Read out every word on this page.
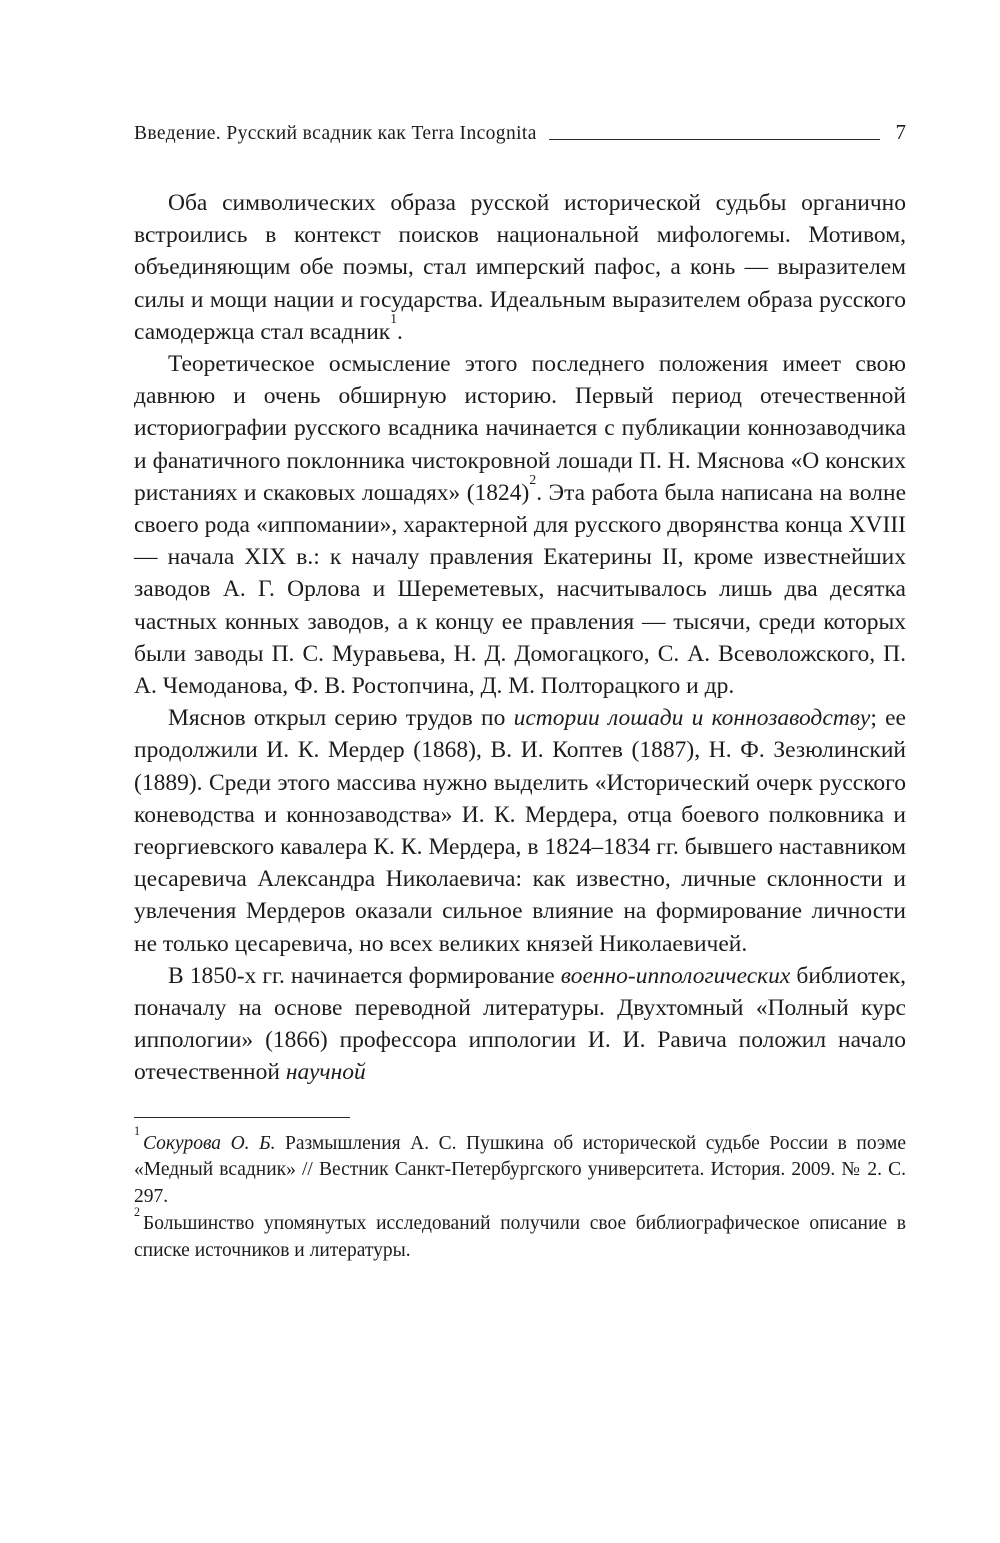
Введение. Русский всадник как Terra Incognita	7

Оба символических образа русской исторической судьбы органично встроились в контекст поисков национальной мифологемы. Мотивом, объединяющим обе поэмы, стал имперский пафос, а конь — выразителем силы и мощи нации и государства. Идеальным выразителем образа русского самодержца стал всадник$^1$.

Теоретическое осмысление этого последнего положения имеет свою давнюю и очень обширную историю. Первый период отечественной историографии русского всадника начинается с публикации коннозаводчика и фанатичного поклонника чистокровной лошади П. Н. Мяснова «О конских ристаниях и скаковых лошадях» (1824)$^2$. Эта работа была написана на волне своего рода «иппомании», характерной для русского дворянства конца XVIII — начала XIX в.: к началу правления Екатерины II, кроме известнейших заводов А. Г. Орлова и Шереметевых, насчитывалось лишь два десятка частных конных заводов, а к концу ее правления — тысячи, среди которых были заводы П. С. Муравьева, Н. Д. Домогацкого, С. А. Всеволожского, П. А. Чемоданова, Ф. В. Ростопчина, Д. М. Полторацкого и др.

Мяснов открыл серию трудов по истории лошади и коннозаводству; ее продолжили И. К. Мердер (1868), В. И. Коптев (1887), Н. Ф. Зезюлинский (1889). Среди этого массива нужно выделить «Исторический очерк русского коневодства и коннозаводства» И. К. Мердера, отца боевого полковника и георгиевского кавалера К. К. Мердера, в 1824–1834 гг. бывшего наставником цесаревича Александра Николаевича: как известно, личные склонности и увлечения Мердеров оказали сильное влияние на формирование личности не только цесаревича, но всех великих князей Николаевичей.

В 1850-х гг. начинается формирование военно-иппологических библиотек, поначалу на основе переводной литературы. Двухтомный «Полный курс иппологии» (1866) профессора иппологии И. И. Равича положил начало отечественной научной

$^1$Сокурова О. Б. Размышления А. С. Пушкина об исторической судьбе России в поэме «Медный всадник» // Вестник Санкт-Петербургского университета. История. 2009. № 2. С. 297.

$^2$Большинство упомянутых исследований получили свое библиографическое описание в списке источников и литературы.
